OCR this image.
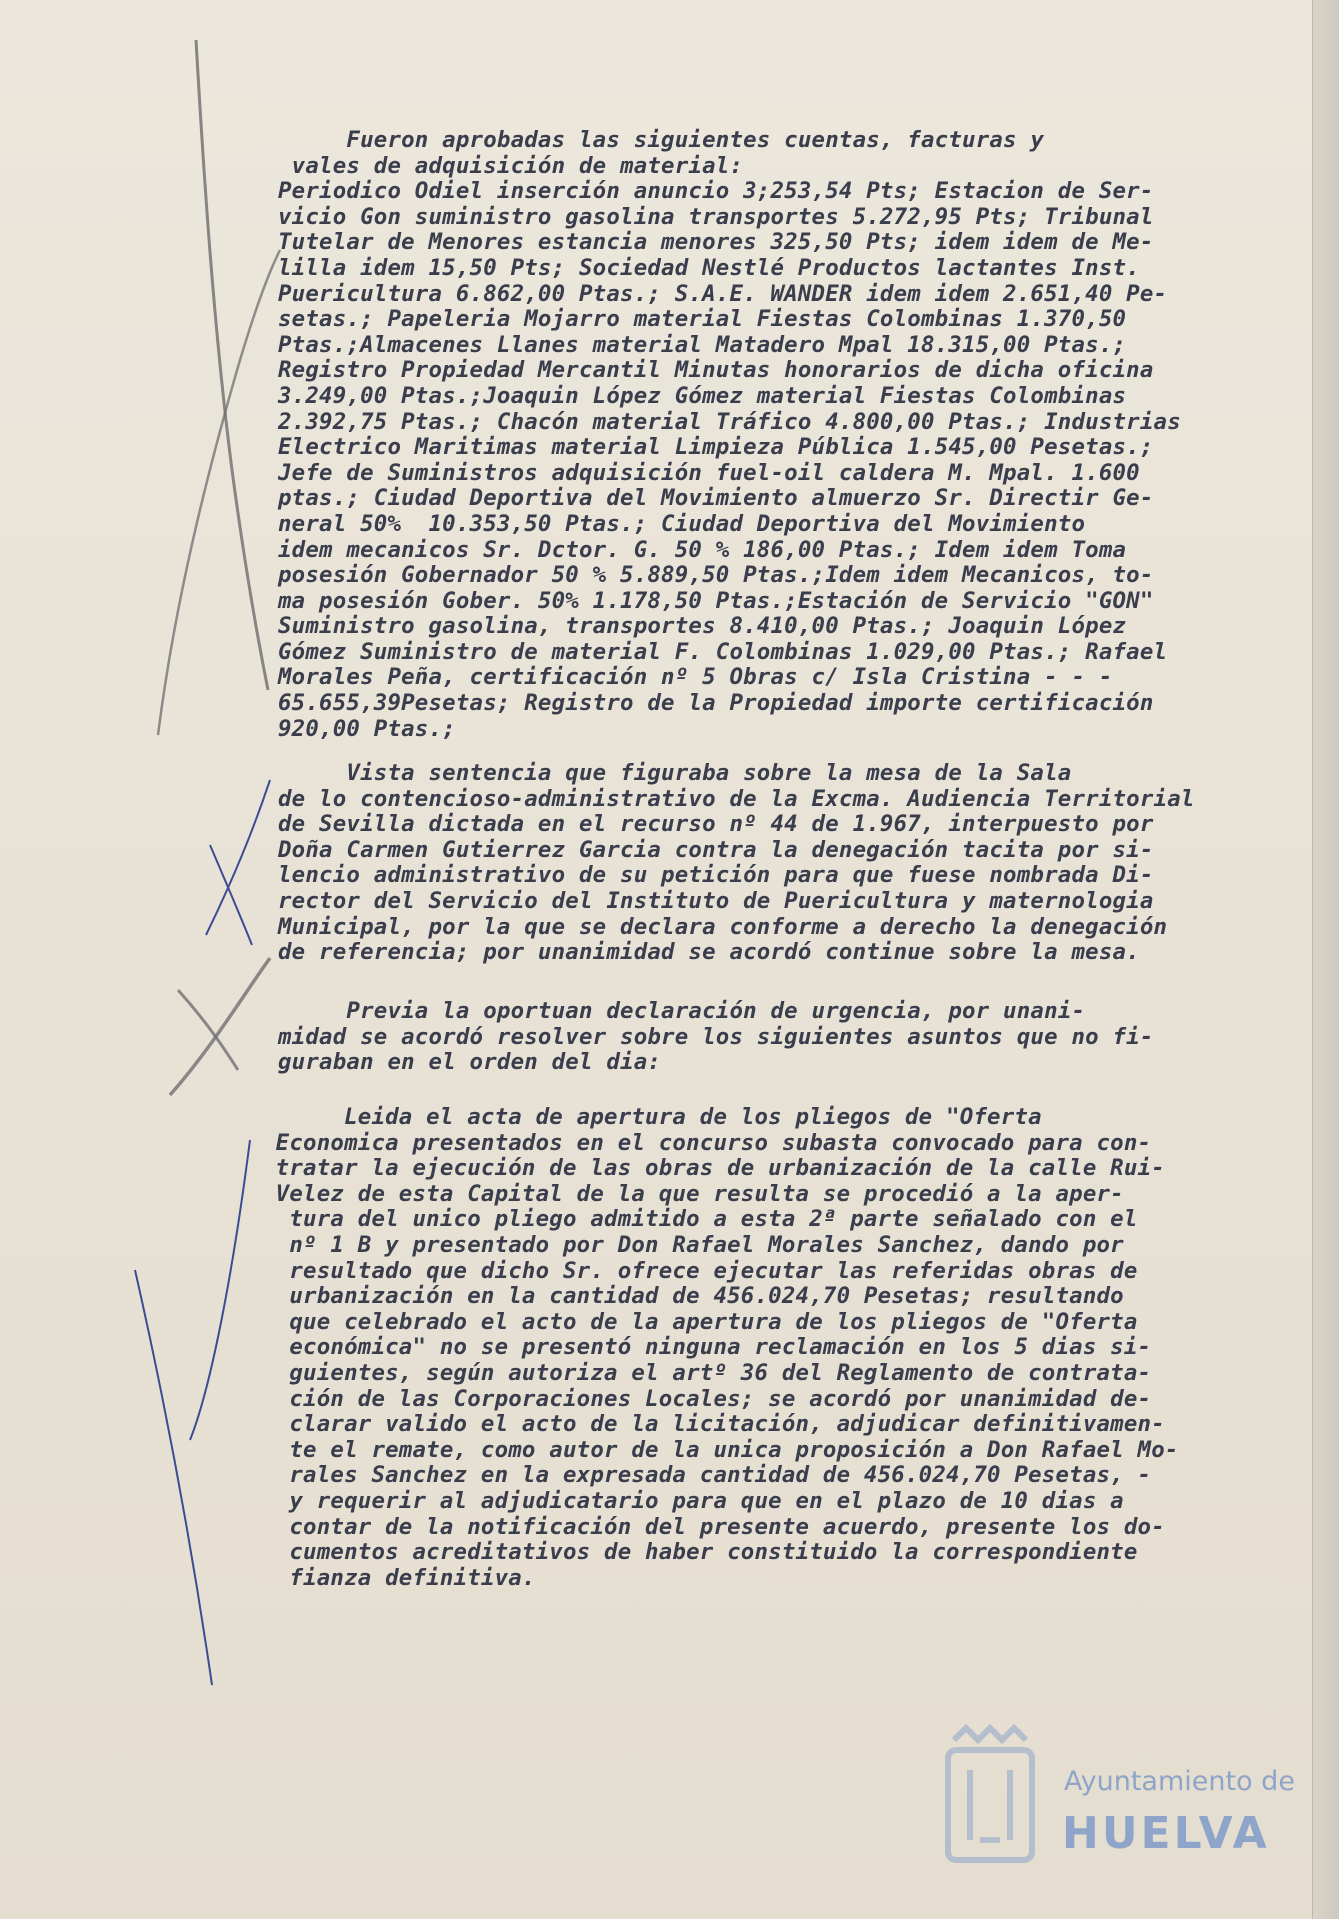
Fueron aprobadas las siguientes cuentas, facturas y
vales de adquisición de material:
Periodico Odiel inserción anuncio 3;253,54 Pts; Estacion de Ser-
vicio Gon suministro gasolina transportes 5.272,95 Pts; Tribunal
Tutelar de Menores estancia menores 325,50 Pts; idem idem de Me-
lilla idem 15,50 Pts; Sociedad Nestlé Productos lactantes Inst.
Puericultura 6.862,00 Ptas.; S.A.E. WANDER idem idem 2.651,40 Pe-
setas.; Papeleria Mojarro material Fiestas Colombinas 1.370,50
Ptas.;Almacenes Llanes material Matadero Mpal 18.315,00 Ptas.;
Registro Propiedad Mercantil Minutas honorarios de dicha oficina
3.249,00 Ptas.;Joaquin López Gómez material Fiestas Colombinas
2.392,75 Ptas.; Chacón material Tráfico 4.800,00 Ptas.; Industrias
Electrico Maritimas material Limpieza Pública 1.545,00 Pesetas.;
Jefe de Suministros adquisición fuel-oil caldera M. Mpal. 1.600
ptas.; Ciudad Deportiva del Movimiento almuerzo Sr. Directir Ge-
neral 50%  10.353,50 Ptas.; Ciudad Deportiva del Movimiento
idem mecanicos Sr. Dctor. G. 50 % 186,00 Ptas.; Idem idem Toma
posesión Gobernador 50 % 5.889,50 Ptas.;Idem idem Mecanicos, to-
ma posesión Gober. 50% 1.178,50 Ptas.;Estación de Servicio "GON"
Suministro gasolina, transportes 8.410,00 Ptas.; Joaquin López
Gómez Suministro de material F. Colombinas 1.029,00 Ptas.; Rafael
Morales Peña, certificación nº 5 Obras c/ Isla Cristina - - -
65.655,39Pesetas; Registro de la Propiedad importe certificación
920,00 Ptas.;
Vista sentencia que figuraba sobre la mesa de la Sala
de lo contencioso-administrativo de la Excma. Audiencia Territorial
de Sevilla dictada en el recurso nº 44 de 1.967, interpuesto por
Doña Carmen Gutierrez Garcia contra la denegación tacita por si-
lencio administrativo de su petición para que fuese nombrada Di-
rector del Servicio del Instituto de Puericultura y maternologia
Municipal, por la que se declara conforme a derecho la denegación
de referencia; por unanimidad se acordó continue sobre la mesa.
Previa la oportuan declaración de urgencia, por unani-
midad se acordó resolver sobre los siguientes asuntos que no fi-
guraban en el orden del dia:
Leida el acta de apertura de los pliegos de "Oferta
Economica presentados en el concurso subasta convocado para con-
tratar la ejecución de las obras de urbanización de la calle Rui-
Velez de esta Capital de la que resulta se procedió a la aper-
tura del unico pliego admitido a esta 2ª parte señalado con el
nº 1 B y presentado por Don Rafael Morales Sanchez, dando por
resultado que dicho Sr. ofrece ejecutar las referidas obras de
urbanización en la cantidad de 456.024,70 Pesetas; resultando
que celebrado el acto de la apertura de los pliegos de "Oferta
económica" no se presentó ninguna reclamación en los 5 dias si-
guientes, según autoriza el artº 36 del Reglamento de contrata-
ción de las Corporaciones Locales; se acordó por unanimidad de-
clarar valido el acto de la licitación, adjudicar definitivamen-
te el remate, como autor de la unica proposición a Don Rafael Mo-
rales Sanchez en la expresada cantidad de 456.024,70 Pesetas, -
y requerir al adjudicatario para que en el plazo de 10 dias a
contar de la notificación del presente acuerdo, presente los do-
cumentos acreditativos de haber constituido la correspondiente
fianza definitiva.
Ayuntamiento de
HUELVA
